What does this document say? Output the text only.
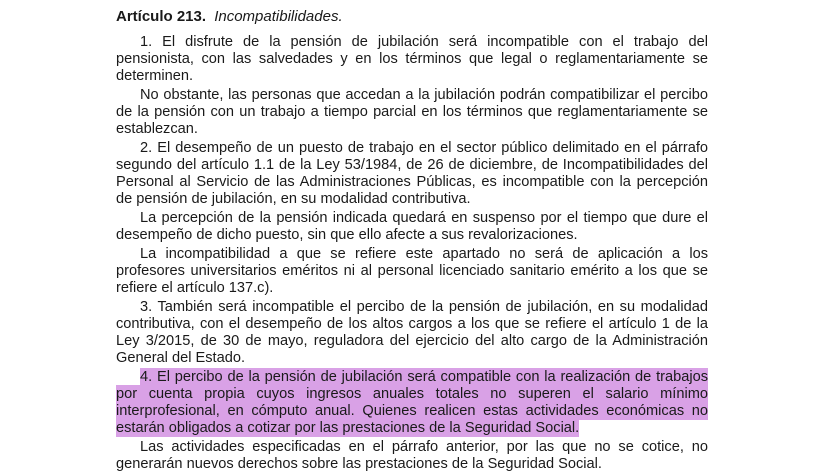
Artículo 213. Incompatibilidades.

1. El disfrute de la pensión de jubilación será incompatible con el trabajo del pensionista, con las salvedades y en los términos que legal o reglamentariamente se determinen.

No obstante, las personas que accedan a la jubilación podrán compatibilizar el percibo de la pensión con un trabajo a tiempo parcial en los términos que reglamentariamente se establezcan.

2. El desempeño de un puesto de trabajo en el sector público delimitado en el párrafo segundo del artículo 1.1 de la Ley 53/1984, de 26 de diciembre, de Incompatibilidades del Personal al Servicio de las Administraciones Públicas, es incompatible con la percepción de pensión de jubilación, en su modalidad contributiva.

La percepción de la pensión indicada quedará en suspenso por el tiempo que dure el desempeño de dicho puesto, sin que ello afecte a sus revalorizaciones.

La incompatibilidad a que se refiere este apartado no será de aplicación a los profesores universitarios eméritos ni al personal licenciado sanitario emérito a los que se refiere el artículo 137.c).

3. También será incompatible el percibo de la pensión de jubilación, en su modalidad contributiva, con el desempeño de los altos cargos a los que se refiere el artículo 1 de la Ley 3/2015, de 30 de mayo, reguladora del ejercicio del alto cargo de la Administración General del Estado.

4. El percibo de la pensión de jubilación será compatible con la realización de trabajos por cuenta propia cuyos ingresos anuales totales no superen el salario mínimo interprofesional, en cómputo anual. Quienes realicen estas actividades económicas no estarán obligados a cotizar por las prestaciones de la Seguridad Social.

Las actividades especificadas en el párrafo anterior, por las que no se cotice, no generarán nuevos derechos sobre las prestaciones de la Seguridad Social.
